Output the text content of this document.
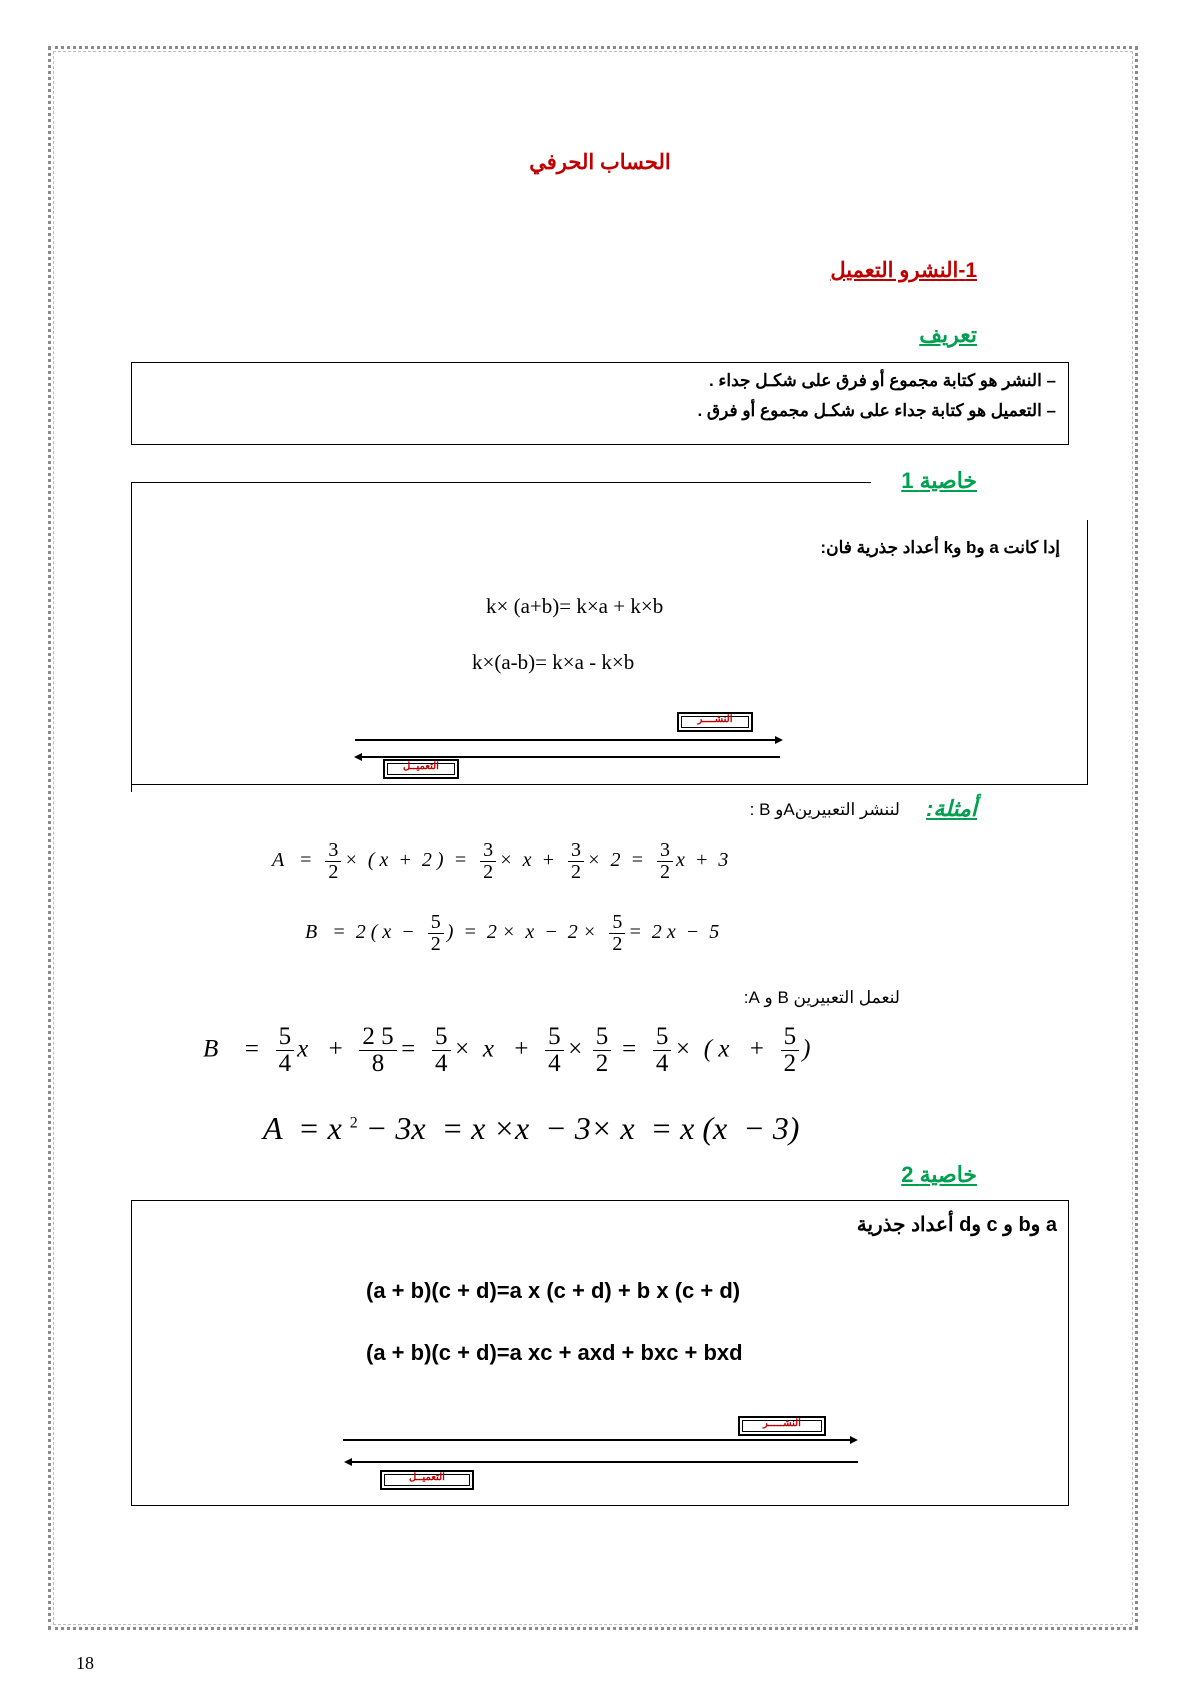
الحساب الحرفي
1-النشرو التعميل
تعريف
– النشر هو كتابة مجموع أو فرق على شكـل جداء .
– التعميل هو كتابة جداء على شكـل مجموع أو فرق .
خاصية 1
إدا كانت a وb وk أعداد جذرية فان:
k× (a+b)= k×a + k×b
k×(a-b)= k×a - k×b
النشــــر
التعميــل
أمثلة:
لننشر التعبيرينAو B :
$A = \frac{3}{2}$ ×  ( x  +  2 )  = $\frac{3}{2} \times x + \frac{3}{2} \times 2 = \frac{3}{2}$ x  +  3
B   =  2 ( $x - \frac{5}{2}$ )  =  $2 \times x - 2 \times \frac{5}{2} = 2$ x  −  5
لنعمل التعبيرين B و A:
B    = $\frac{5}{4}$ $x + \frac{2 5}{8} = \frac{5}{4} \times x + \frac{5}{4} \times \frac{5}{2} = \frac{5}{4}$ ×  ( $x + \frac{5}{2}$ )
A  = x $^2$ − 3x  = x ×x  − 3× x  = x (x  − 3)
خاصية 2
a وb و c وd أعداد جذرية
(a + b)(c + d)=a x (c + d) + b x (c + d)
(a + b)(c + d)=a xc + axd + bxc + bxd
النشـــــر
التعميــل
18
